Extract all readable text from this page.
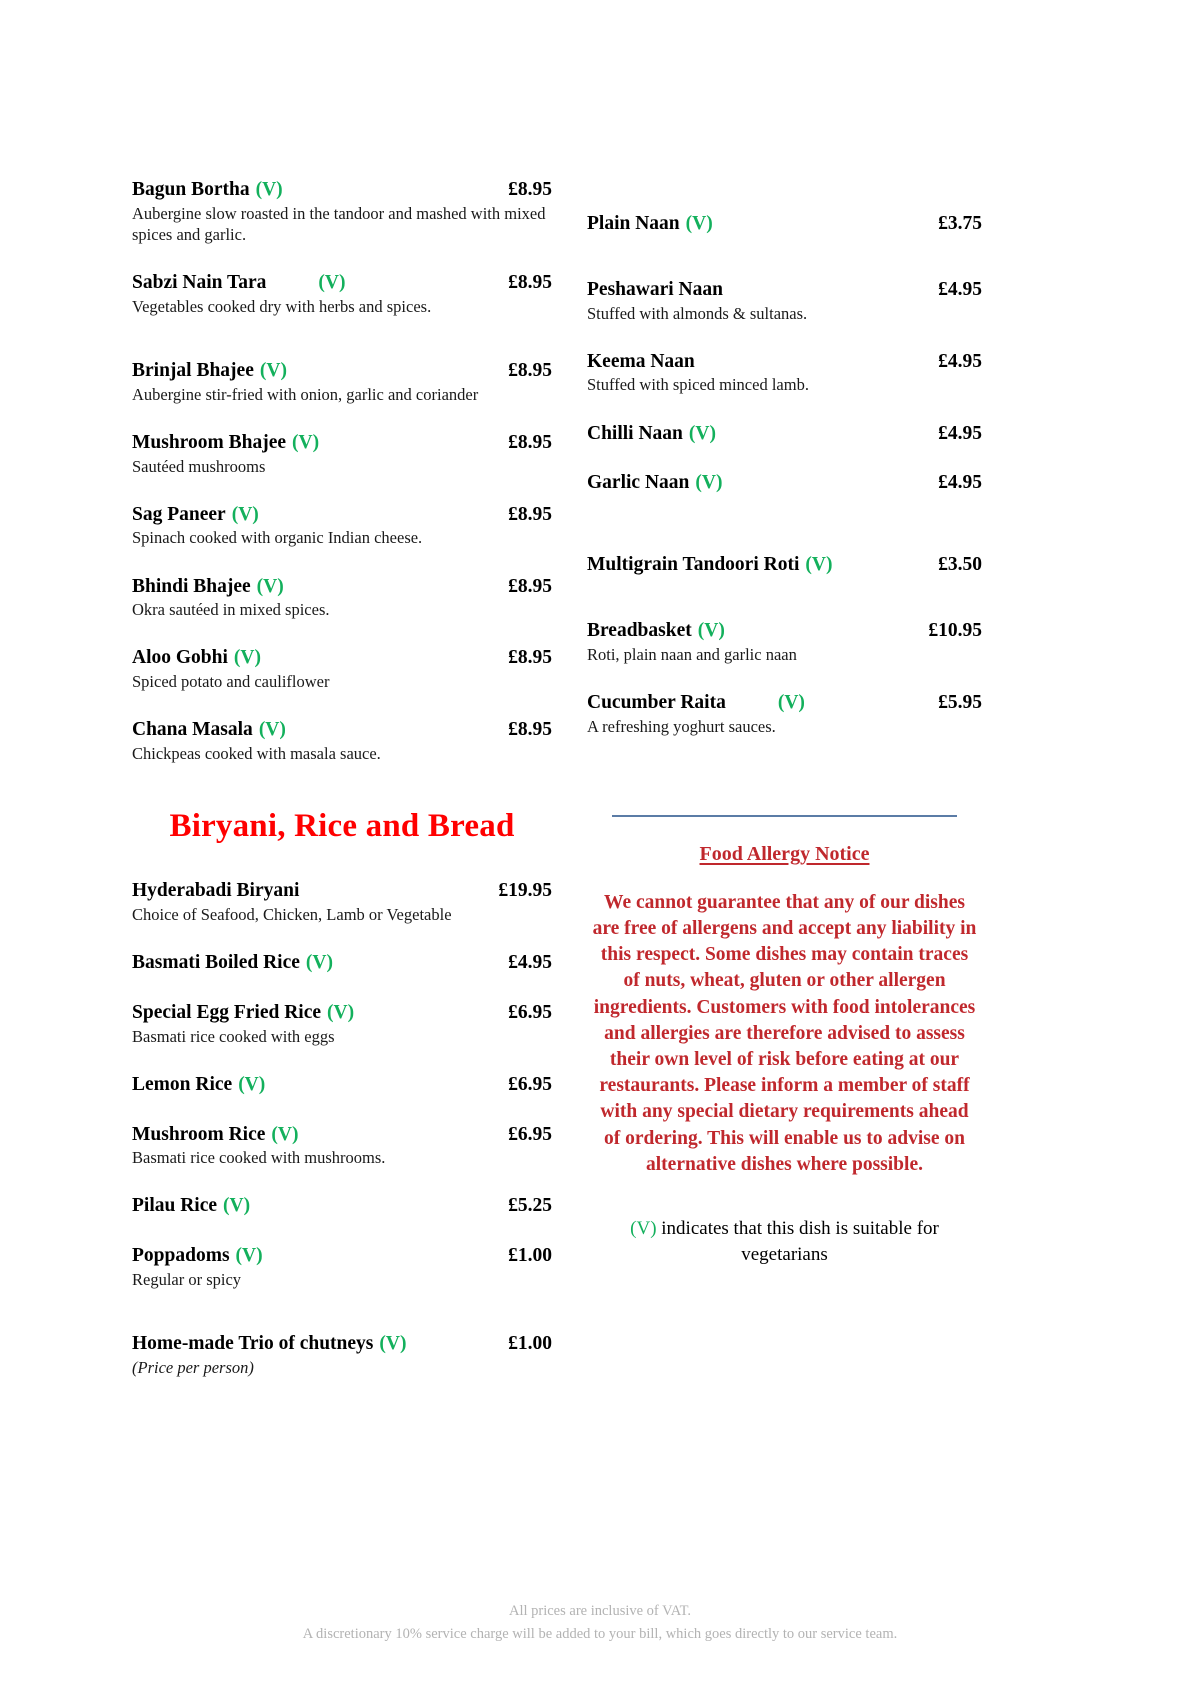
Bagun Bortha (V)	£8.95
Aubergine slow roasted in the tandoor and mashed with mixed spices and garlic.
Sabzi Nain Tara	(V)	£8.95
Vegetables cooked dry with herbs and spices.
Brinjal Bhajee (V)	£8.95
Aubergine stir-fried with onion, garlic and coriander
Mushroom Bhajee (V)	£8.95
Sautéed mushrooms
Sag Paneer (V)	£8.95
Spinach cooked with organic Indian cheese.
Bhindi Bhajee (V)	£8.95
Okra sautéed in mixed spices.
Aloo Gobhi (V)	£8.95
Spiced potato and cauliflower
Chana Masala (V)	£8.95
Chickpeas cooked with masala sauce.
Biryani, Rice and Bread
Hyderabadi Biryani	£19.95
Choice of Seafood, Chicken, Lamb or Vegetable
Basmati Boiled Rice (V)	£4.95
Special Egg Fried Rice (V)	£6.95
Basmati rice cooked with eggs
Lemon Rice (V)	£6.95
Mushroom Rice (V)	£6.95
Basmati rice cooked with mushrooms.
Pilau Rice (V)	£5.25
Poppadoms (V)	£1.00
Regular or spicy
Home-made Trio of chutneys (V)	£1.00
(Price per person)
Plain Naan (V)	£3.75
Peshawari Naan	£4.95
Stuffed with almonds & sultanas.
Keema Naan	£4.95
Stuffed with spiced minced lamb.
Chilli Naan (V)	£4.95
Garlic Naan (V)	£4.95
Multigrain Tandoori Roti (V)	£3.50
Breadbasket (V)	£10.95
Roti, plain naan and garlic naan
Cucumber Raita	(V)	£5.95
A refreshing yoghurt sauces.
Food Allergy Notice
We cannot guarantee that any of our dishes are free of allergens and accept any liability in this respect. Some dishes may contain traces of nuts, wheat, gluten or other allergen ingredients. Customers with food intolerances and allergies are therefore advised to assess their own level of risk before eating at our restaurants. Please inform a member of staff with any special dietary requirements ahead of ordering. This will enable us to advise on alternative dishes where possible.
(V) indicates that this dish is suitable for vegetarians
All prices are inclusive of VAT.
A discretionary 10% service charge will be added to your bill, which goes directly to our service team.
